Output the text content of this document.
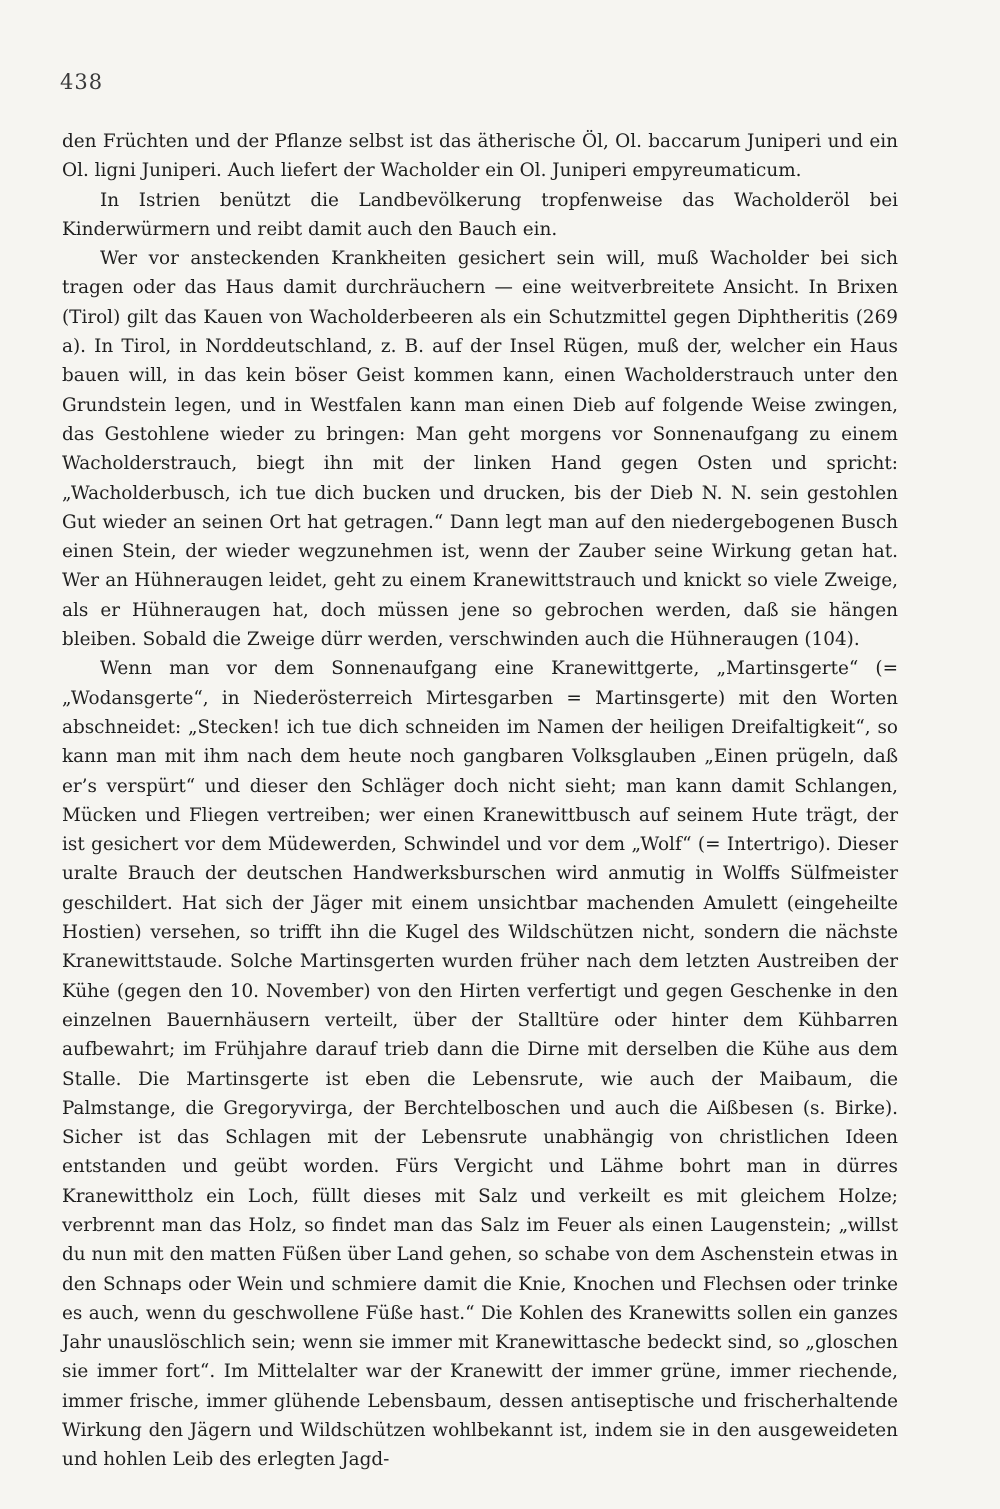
438

den Früchten und der Pflanze selbst ist das ätherische Öl, Ol. baccarum Juniperi und ein Ol. ligni Juniperi. Auch liefert der Wacholder ein Ol. Juniperi empyreumaticum.

In Istrien benützt die Landbevölkerung tropfenweise das Wacholderöl bei Kinderwürmern und reibt damit auch den Bauch ein.

Wer vor ansteckenden Krankheiten gesichert sein will, muß Wacholder bei sich tragen oder das Haus damit durchräuchern — eine weitverbreitete Ansicht. In Brixen (Tirol) gilt das Kauen von Wacholderbeeren als ein Schutzmittel gegen Diphtheritis (269 a). In Tirol, in Norddeutschland, z. B. auf der Insel Rügen, muß der, welcher ein Haus bauen will, in das kein böser Geist kommen kann, einen Wacholderstrauch unter den Grundstein legen, und in Westfalen kann man einen Dieb auf folgende Weise zwingen, das Gestohlene wieder zu bringen: Man geht morgens vor Sonnenaufgang zu einem Wacholderstrauch, biegt ihn mit der linken Hand gegen Osten und spricht: „Wacholderbusch, ich tue dich bucken und drucken, bis der Dieb N. N. sein gestohlen Gut wieder an seinen Ort hat getragen.“ Dann legt man auf den niedergebogenen Busch einen Stein, der wieder wegzunehmen ist, wenn der Zauber seine Wirkung getan hat. Wer an Hühneraugen leidet, geht zu einem Kranewittstrauch und knickt so viele Zweige, als er Hühneraugen hat, doch müssen jene so gebrochen werden, daß sie hängen bleiben. Sobald die Zweige dürr werden, verschwinden auch die Hühneraugen (104).

Wenn man vor dem Sonnenaufgang eine Kranewittgerte, „Martinsgerte“ (= „Wodansgerte“, in Niederösterreich Mirtesgarben = Martinsgerte) mit den Worten abschneidet: „Stecken! ich tue dich schneiden im Namen der heiligen Dreifaltigkeit“, so kann man mit ihm nach dem heute noch gangbaren Volksglauben „Einen prügeln, daß er’s verspürt“ und dieser den Schläger doch nicht sieht; man kann damit Schlangen, Mücken und Fliegen vertreiben; wer einen Kranewittbusch auf seinem Hute trägt, der ist gesichert vor dem Müdewerden, Schwindel und vor dem „Wolf“ (= Intertrigo). Dieser uralte Brauch der deutschen Handwerksburschen wird anmutig in Wolffs Sülfmeister geschildert. Hat sich der Jäger mit einem unsichtbar machenden Amulett (eingeheilte Hostien) versehen, so trifft ihn die Kugel des Wildschützen nicht, sondern die nächste Kranewittstaude. Solche Martinsgerten wurden früher nach dem letzten Austreiben der Kühe (gegen den 10. November) von den Hirten verfertigt und gegen Geschenke in den einzelnen Bauernhäusern verteilt, über der Stalltüre oder hinter dem Kühbarren aufbewahrt; im Frühjahre darauf trieb dann die Dirne mit derselben die Kühe aus dem Stalle. Die Martinsgerte ist eben die Lebensrute, wie auch der Maibaum, die Palmstange, die Gregoryvirga, der Berchtelboschen und auch die Aißbesen (s. Birke). Sicher ist das Schlagen mit der Lebensrute unabhängig von christlichen Ideen entstanden und geübt worden. Fürs Vergicht und Lähme bohrt man in dürres Kranewittholz ein Loch, füllt dieses mit Salz und verkeilt es mit gleichem Holze; verbrennt man das Holz, so findet man das Salz im Feuer als einen Laugenstein; „willst du nun mit den matten Füßen über Land gehen, so schabe von dem Aschenstein etwas in den Schnaps oder Wein und schmiere damit die Knie, Knochen und Flechsen oder trinke es auch, wenn du geschwollene Füße hast.“ Die Kohlen des Kranewitts sollen ein ganzes Jahr unauslöschlich sein; wenn sie immer mit Kranewittasche bedeckt sind, so „gloschen sie immer fort“. Im Mittelalter war der Kranewitt der immer grüne, immer riechende, immer frische, immer glühende Lebensbaum, dessen antiseptische und frischerhaltende Wirkung den Jägern und Wildschützen wohlbekannt ist, indem sie in den ausgeweideten und hohlen Leib des erlegten Jagd-
